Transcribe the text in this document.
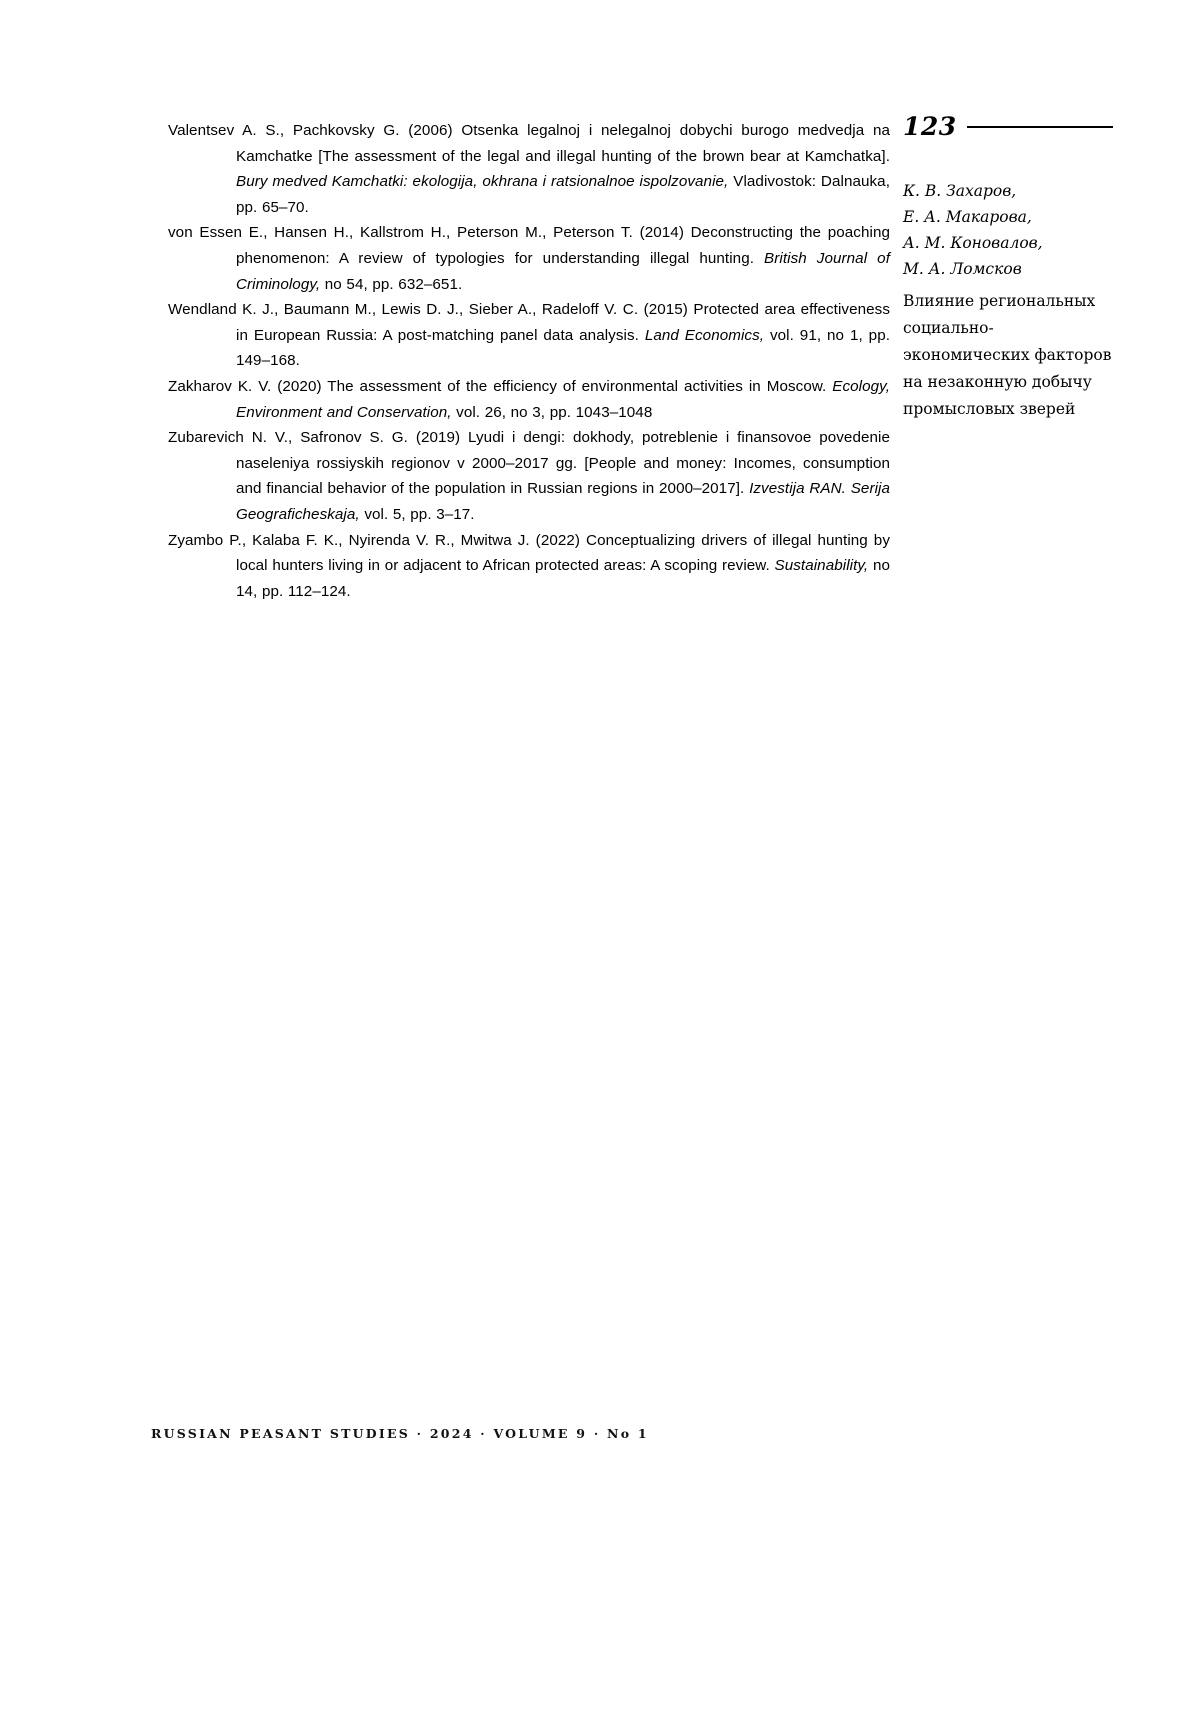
Valentsev A. S., Pachkovsky G. (2006) Otsenka legalnoj i nelegalnoj dobychi burogo medvedja na Kamchatke [The assessment of the legal and illegal hunting of the brown bear at Kamchatka]. Bury medved Kamchatki: ekologija, okhrana i ratsionalnoe ispolzovanie, Vladivostok: Dalnauka, pp. 65–70.

von Essen E., Hansen H., Kallstrom H., Peterson M., Peterson T. (2014) Deconstructing the poaching phenomenon: A review of typologies for understanding illegal hunting. British Journal of Criminology, no 54, pp. 632–651.

Wendland K. J., Baumann M., Lewis D. J., Sieber A., Radeloff V. C. (2015) Protected area effectiveness in European Russia: A post-matching panel data analysis. Land Economics, vol. 91, no 1, pp. 149–168.

Zakharov K. V. (2020) The assessment of the efficiency of environmental activities in Moscow. Ecology, Environment and Conservation, vol. 26, no 3, pp. 1043–1048

Zubarevich N. V., Safronov S. G. (2019) Lyudi i dengi: dokhody, potreblenie i finansovoe povedenie naseleniya rossiyskih regionov v 2000–2017 gg. [People and money: Incomes, consumption and financial behavior of the population in Russian regions in 2000–2017]. Izvestija RAN. Serija Geograficheskaja, vol. 5, pp. 3–17.

Zyambo P., Kalaba F. K., Nyirenda V. R., Mwitwa J. (2022) Conceptualizing drivers of illegal hunting by local hunters living in or adjacent to African protected areas: A scoping review. Sustainability, no 14, pp. 112–124.

123
К. В. Захаров,
Е. А. Макарова,
А. М. Коновалов,
М. А. Ломсков
Влияние региональных социально-экономических факторов на незаконную добычу промысловых зверей
RUSSIAN PEASANT STUDIES · 2024 · VOLUME 9 · No 1
